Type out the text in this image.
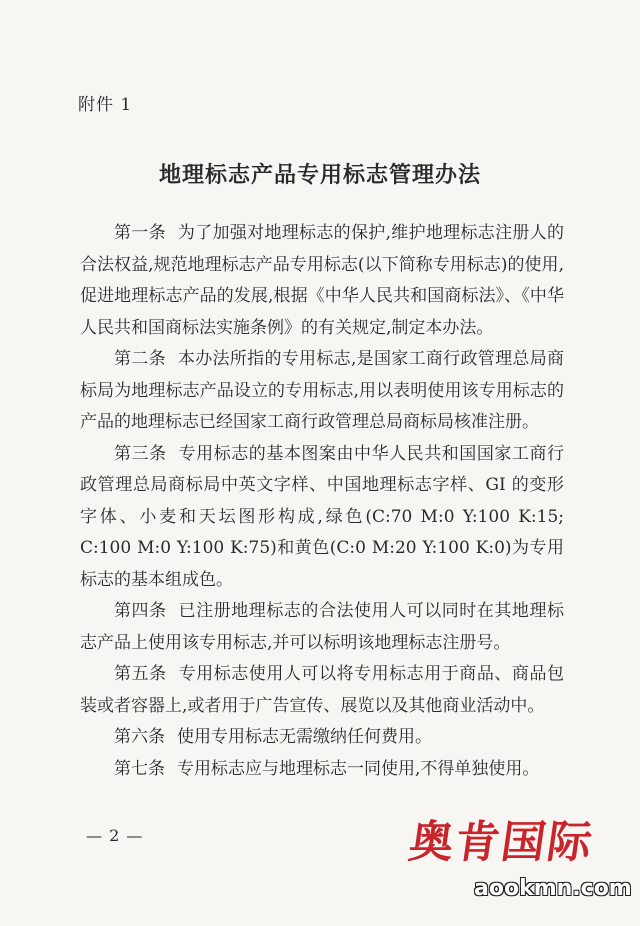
附件 1
地理标志产品专用标志管理办法

第一条 为了加强对地理标志的保护,维护地理标志注册人的合法权益,规范地理标志产品专用标志(以下简称专用标志)的使用,促进地理标志产品的发展,根据《中华人民共和国商标法》、《中华人民共和国商标法实施条例》的有关规定,制定本办法。

第二条 本办法所指的专用标志,是国家工商行政管理总局商标局为地理标志产品设立的专用标志,用以表明使用该专用标志的产品的地理标志已经国家工商行政管理总局商标局核准注册。

第三条 专用标志的基本图案由中华人民共和国国家工商行政管理总局商标局中英文字样、中国地理标志字样、GI 的变形字体、小麦和天坛图形构成,绿色(C:70 M:0 Y:100 K:15; C:100 M:0 Y:100 K:75)和黄色(C:0 M:20 Y:100 K:0)为专用标志的基本组成色。

第四条 已注册地理标志的合法使用人可以同时在其地理标志产品上使用该专用标志,并可以标明该地理标志注册号。

第五条 专用标志使用人可以将专用标志用于商品、商品包装或者容器上,或者用于广告宣传、展览以及其他商业活动中。

第六条 使用专用标志无需缴纳任何费用。

第七条 专用标志应与地理标志一同使用,不得单独使用。

— 2 —	奥肯国际
aookmn.com
